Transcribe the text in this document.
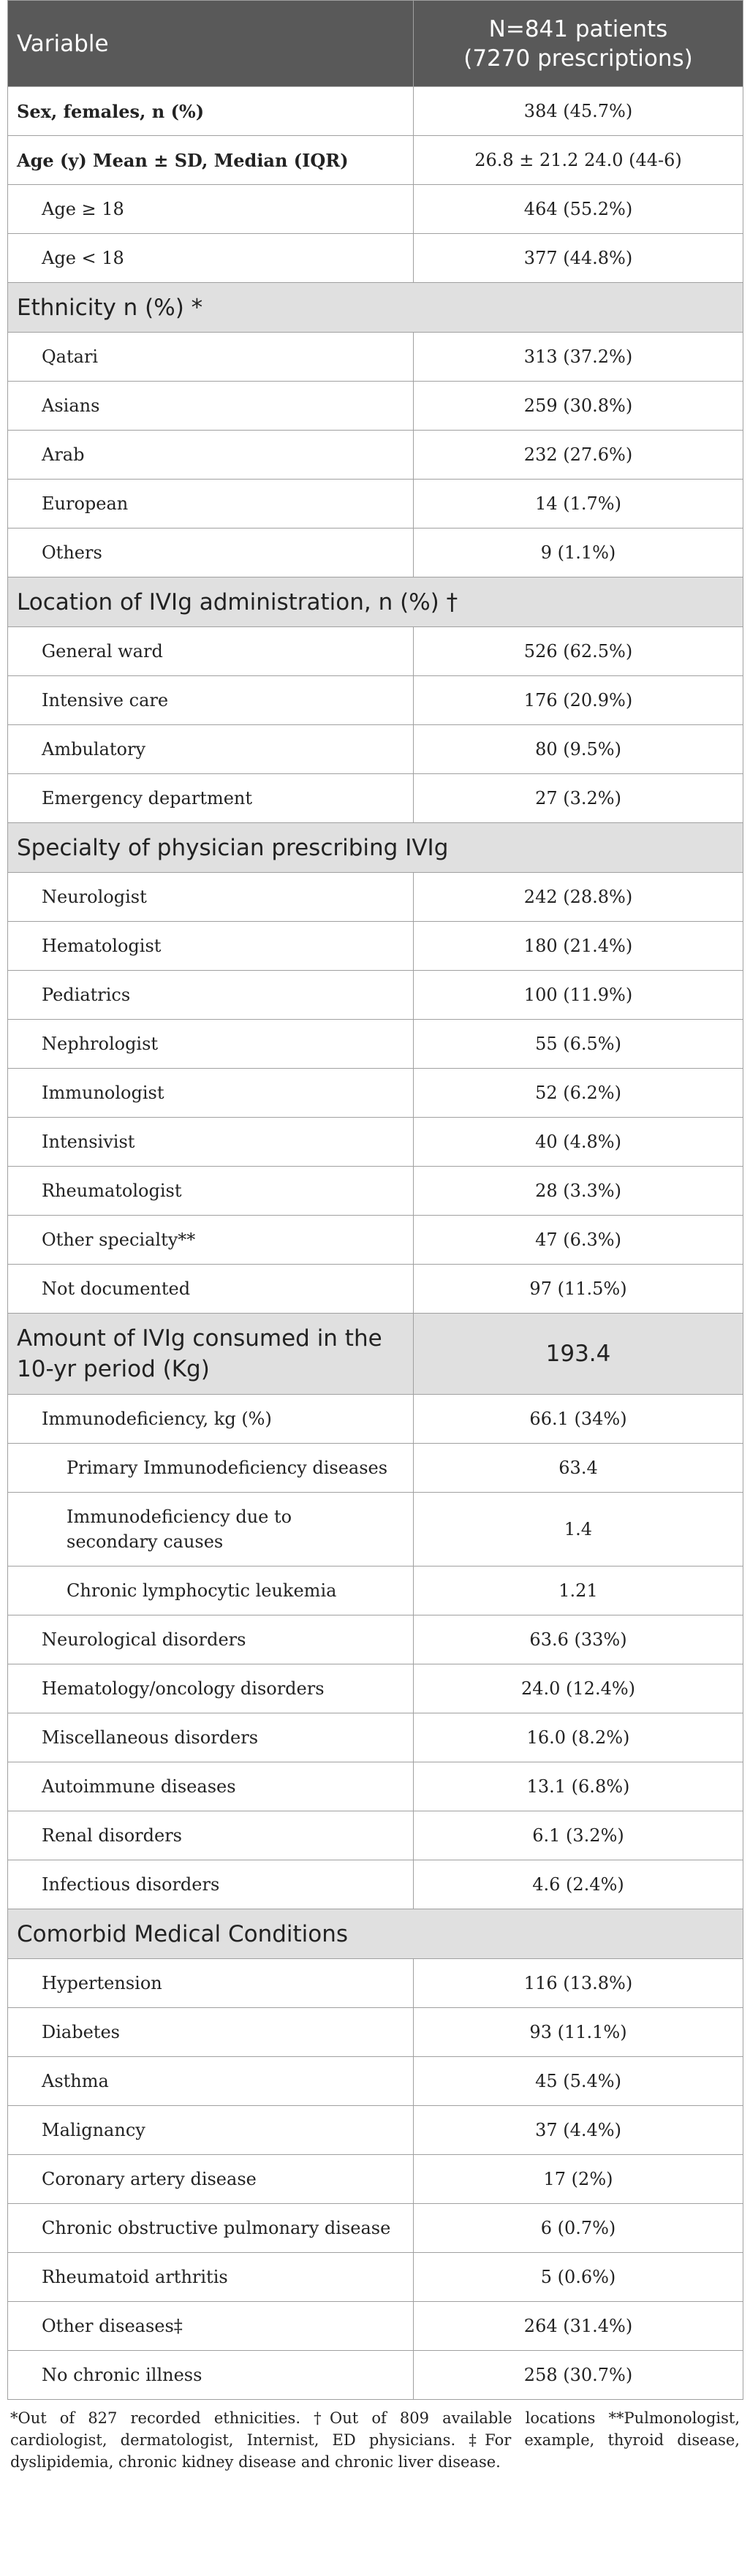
Variable	N=841 patients
(7270 prescriptions)
Sex, females, n (%)	384 (45.7%)
Age (y) Mean ± SD, Median (IQR)	26.8 ± 21.2 24.0 (44-6)
Age ≥ 18	464 (55.2%)
Age < 18	377 (44.8%)
Ethnicity n (%) *	
Qatari	313 (37.2%)
Asians	259 (30.8%)
Arab	232 (27.6%)
European	14 (1.7%)
Others	9 (1.1%)
Location of IVIg administration, n (%) †	
General ward	526 (62.5%)
Intensive care	176 (20.9%)
Ambulatory	80 (9.5%)
Emergency department	27 (3.2%)
Specialty of physician prescribing IVIg	
Neurologist	242 (28.8%)
Hematologist	180 (21.4%)
Pediatrics	100 (11.9%)
Nephrologist	55 (6.5%)
Immunologist	52 (6.2%)
Intensivist	40 (4.8%)
Rheumatologist	28 (3.3%)
Other specialty**	47 (6.3%)
Not documented	97 (11.5%)
Amount of IVIg consumed in the
10-yr period (Kg)	193.4
Immunodeficiency, kg (%)	66.1 (34%)
Primary Immunodeficiency diseases	63.4
Immunodeficiency due to
secondary causes	1.4
Chronic lymphocytic leukemia	1.21
Neurological disorders	63.6 (33%)
Hematology/oncology disorders	24.0 (12.4%)
Miscellaneous disorders	16.0 (8.2%)
Autoimmune diseases	13.1 (6.8%)
Renal disorders	6.1 (3.2%)
Infectious disorders	4.6 (2.4%)
Comorbid Medical Conditions	
Hypertension	116 (13.8%)
Diabetes	93 (11.1%)
Asthma	45 (5.4%)
Malignancy	37 (4.4%)
Coronary artery disease	17 (2%)
Chronic obstructive pulmonary disease	6 (0.7%)
Rheumatoid arthritis	5 (0.6%)
Other diseases‡	264 (31.4%)
No chronic illness	258 (30.7%)
*Out of 827 recorded ethnicities. †Out of 809 available locations **Pulmonologist, cardiologist, dermatologist, Internist, ED physicians. ‡For example, thyroid disease, dyslipidemia, chronic kidney disease and chronic liver disease.
